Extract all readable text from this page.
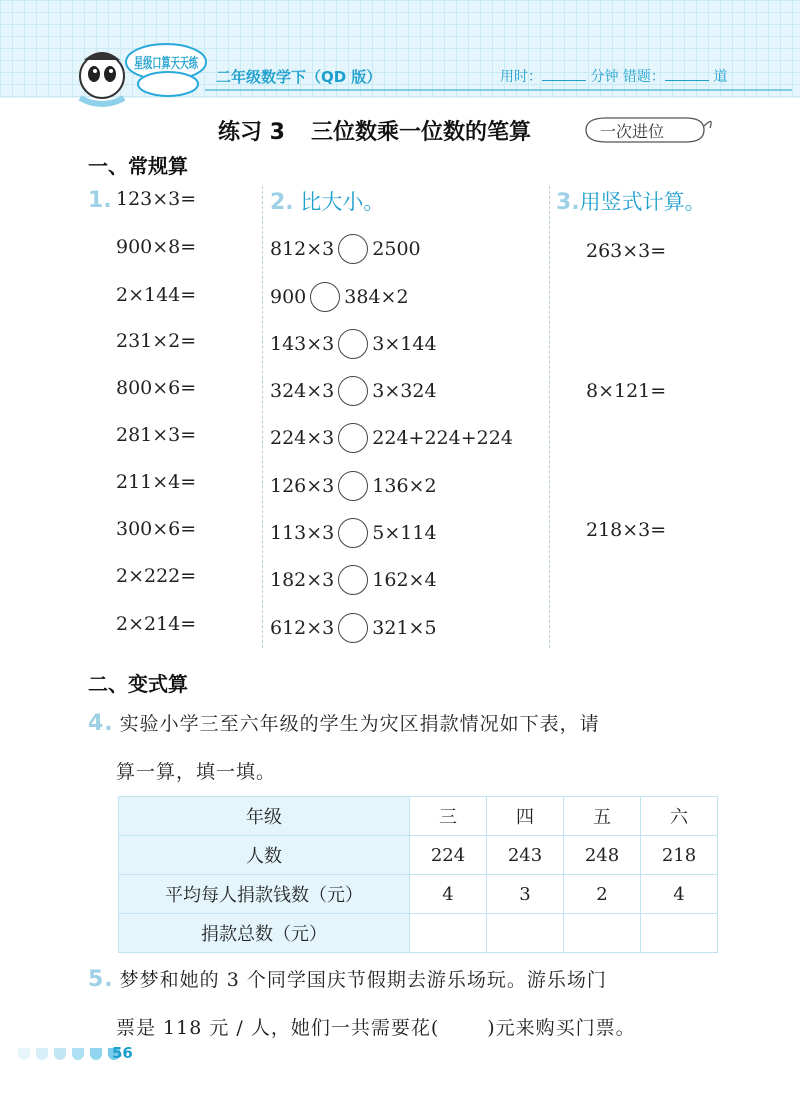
星级口算天天练
二年级数学下（QD 版）	用时：	分钟 错题：	道
练习 3 三位数乘一位数的笔算	一次进位
一、常规算
1. 123×3=
900×8=
2×144=
231×2=
800×6=
281×3=
211×4=
300×6=
2×222=
2×214=
2. 比大小。
812×3 2500
900 384×2
143×3 3×144
324×3 3×324
224×3 224+224+224
126×3 136×2
113×3 5×114
182×3 162×4
612×3 321×5
3.用竖式计算。
263×3=
8×121=
218×3=
二、变式算
4. 实验小学三至六年级的学生为灾区捐款情况如下表，请
算一算，填一填。
年级	三	四	五	六
人数	224	243	248	218
平均每人捐款钱数（元）	4	3	2	4
捐款总数（元）				
5. 梦梦和她的 3 个同学国庆节假期去游乐场玩。游乐场门
票是 118 元 / 人，她们一共需要花(	)元来购买门票。
56
